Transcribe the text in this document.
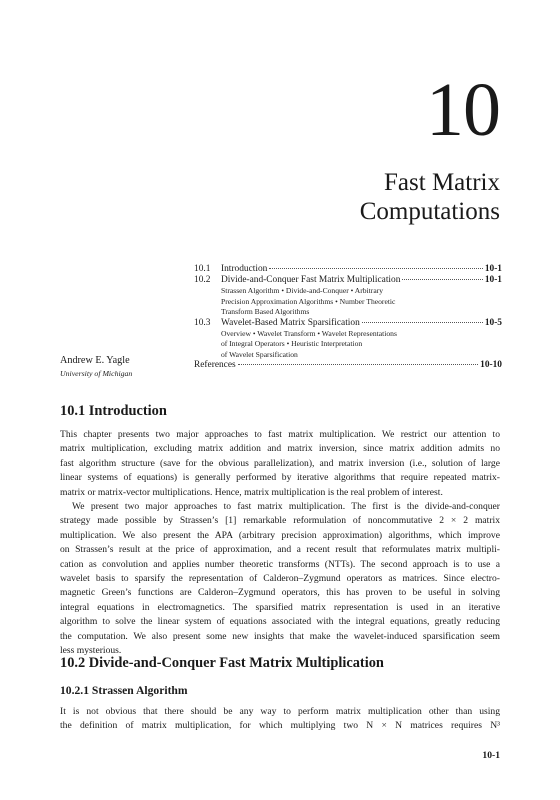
10
Fast Matrix
Computations
10.1	Introduction	10-1
10.2	Divide-and-Conquer Fast Matrix Multiplication	10-1
Strassen Algorithm • Divide-and-Conquer • Arbitrary
Precision Approximation Algorithms • Number Theoretic
Transform Based Algorithms
10.3	Wavelet-Based Matrix Sparsification	10-5
Overview • Wavelet Transform • Wavelet Representations
of Integral Operators • Heuristic Interpretation
of Wavelet Sparsification
References	10-10
Andrew E. Yagle
University of Michigan
10.1 Introduction
This chapter presents two major approaches to fast matrix multiplication. We restrict our attention to
matrix multiplication, excluding matrix addition and matrix inversion, since matrix addition admits no
fast algorithm structure (save for the obvious parallelization), and matrix inversion (i.e., solution of large
linear systems of equations) is generally performed by iterative algorithms that require repeated matrix-
matrix or matrix-vector multiplications. Hence, matrix multiplication is the real problem of interest.
We present two major approaches to fast matrix multiplication. The first is the divide-and-conquer
strategy made possible by Strassen’s [1] remarkable reformulation of noncommutative 2 × 2 matrix
multiplication. We also present the APA (arbitrary precision approximation) algorithms, which improve
on Strassen’s result at the price of approximation, and a recent result that reformulates matrix multipli-
cation as convolution and applies number theoretic transforms (NTTs). The second approach is to use a
wavelet basis to sparsify the representation of Calderon–Zygmund operators as matrices. Since electro-
magnetic Green’s functions are Calderon–Zygmund operators, this has proven to be useful in solving
integral equations in electromagnetics. The sparsified matrix representation is used in an iterative
algorithm to solve the linear system of equations associated with the integral equations, greatly reducing
the computation. We also present some new insights that make the wavelet-induced sparsification seem
less mysterious.
10.2 Divide-and-Conquer Fast Matrix Multiplication
10.2.1 Strassen Algorithm
It is not obvious that there should be any way to perform matrix multiplication other than using
the definition of matrix multiplication, for which multiplying two N × N matrices requires N³
10-1
